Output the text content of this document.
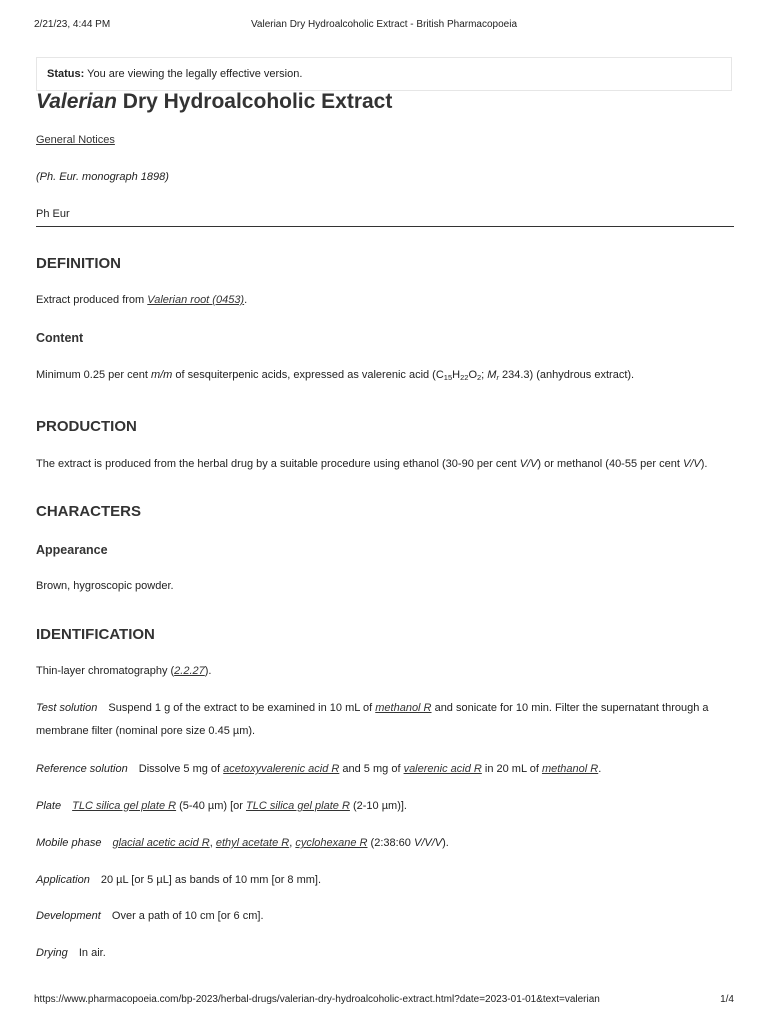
2/21/23, 4:44 PM	Valerian Dry Hydroalcoholic Extract - British Pharmacopoeia
Status: You are viewing the legally effective version.
Valerian Dry Hydroalcoholic Extract
General Notices
(Ph. Eur. monograph 1898)
Ph Eur
DEFINITION
Extract produced from Valerian root (0453).
Content
Minimum 0.25 per cent m/m of sesquiterpenic acids, expressed as valerenic acid ($C_{15}H_{22}O_2$; $M_r$ 234.3) (anhydrous extract).
PRODUCTION
The extract is produced from the herbal drug by a suitable procedure using ethanol (30-90 per cent V/V) or methanol (40-55 per cent V/V).
CHARACTERS
Appearance
Brown, hygroscopic powder.
IDENTIFICATION
Thin-layer chromatography (2.2.27).
Test solution Suspend 1 g of the extract to be examined in 10 mL of methanol R and sonicate for 10 min. Filter the supernatant through a membrane filter (nominal pore size 0.45 µm).
Reference solution Dissolve 5 mg of acetoxyvalerenic acid R and 5 mg of valerenic acid R in 20 mL of methanol R.
Plate TLC silica gel plate R (5-40 µm) [or TLC silica gel plate R (2-10 µm)].
Mobile phase glacial acetic acid R, ethyl acetate R, cyclohexane R (2:38:60 V/V/V).
Application 20 µL [or 5 µL] as bands of 10 mm [or 8 mm].
Development Over a path of 10 cm [or 6 cm].
Drying In air.
https://www.pharmacopoeia.com/bp-2023/herbal-drugs/valerian-dry-hydroalcoholic-extract.html?date=2023-01-01&text=valerian	1/4
